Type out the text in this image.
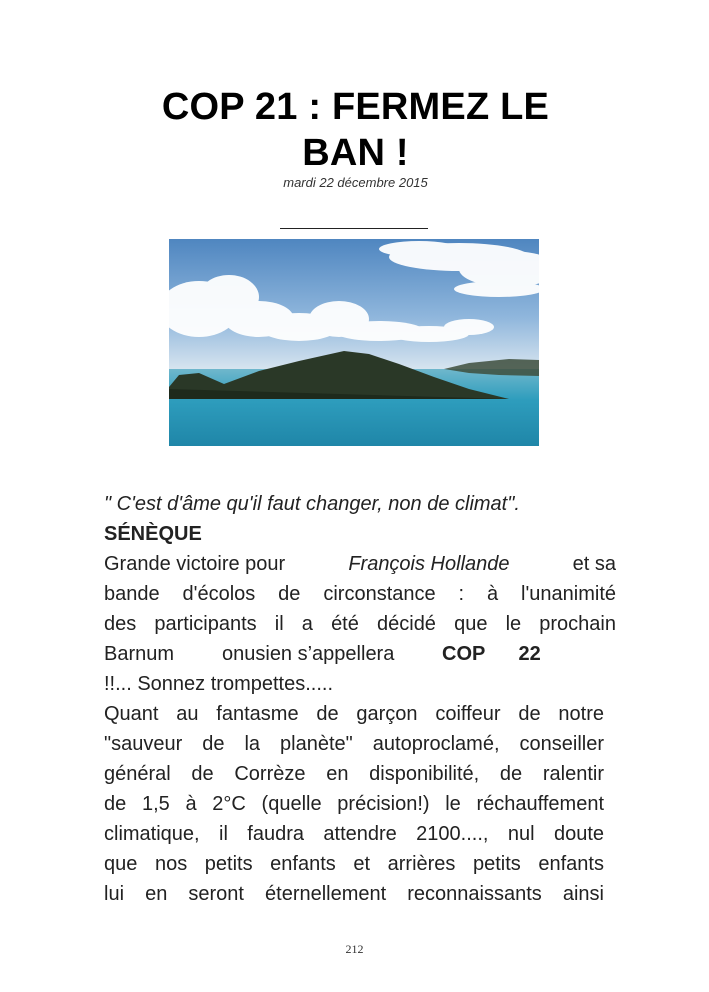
COP 21 : FERMEZ LE
BAN !
mardi 22 décembre 2015
" C'est d'âme qu'il faut changer, non de climat".
SÉNÈQUE
Grande victoire pour	François Hollande	et sa
bande d'écolos de circonstance : à l'unanimité
des participants il a été décidé que le prochain
Barnum	onusien s’appellera	COP 22
!!... Sonnez trompettes.....
Quant au fantasme de garçon coiffeur de notre
"sauveur de la planète" autoproclamé, conseiller
général de Corrèze en disponibilité, de ralentir
de 1,5 à 2°C (quelle précision!) le réchauffement
climatique, il faudra attendre 2100...., nul doute
que nos petits enfants et arrières petits enfants
lui en seront éternellement reconnaissants ainsi
212
